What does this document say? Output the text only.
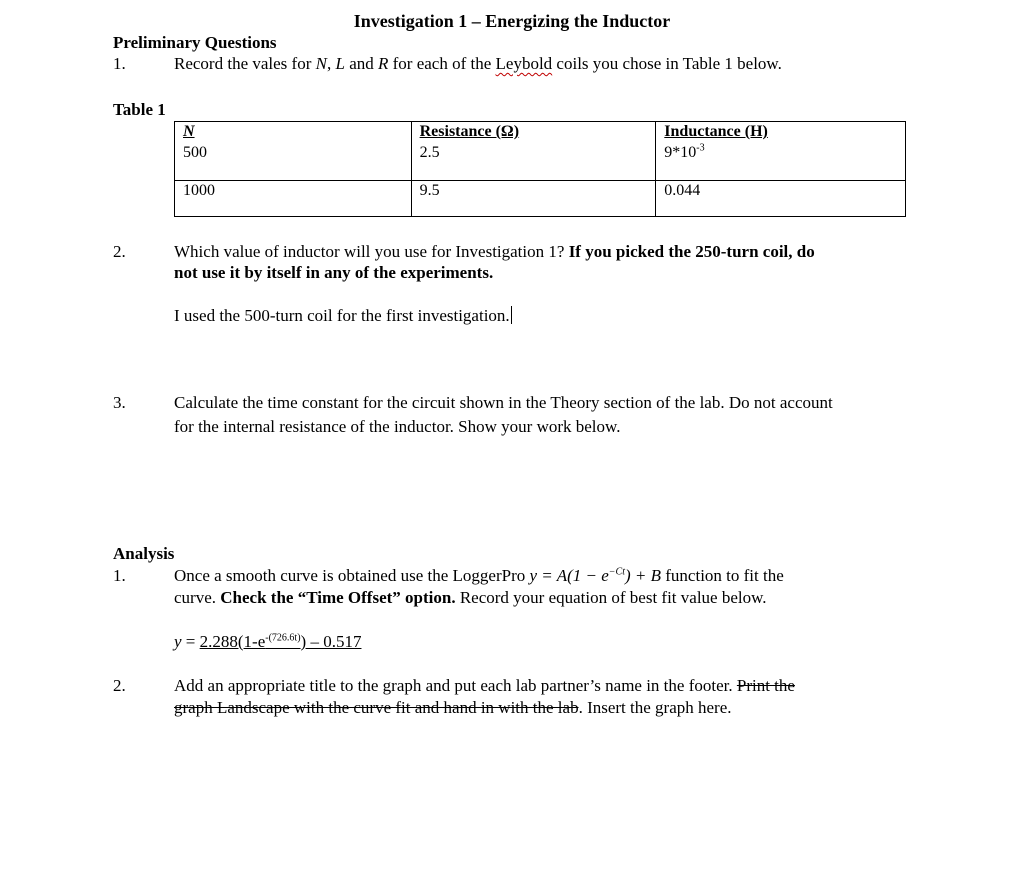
Investigation 1 – Energizing the Inductor
Preliminary Questions
1.	Record the vales for N, L and R for each of the Leybold coils you chose in Table 1 below.
Table 1
N	Resistance (Ω)	Inductance (H)
500	2.5	$9*10^{-3}$
1000	9.5	0.044
2.	Which value of inductor will you use for Investigation 1? If you picked the 250-turn coil, do
not use it by itself in any of the experiments.
I used the 500-turn coil for the first investigation.
3.	Calculate the time constant for the circuit shown in the Theory section of the lab. Do not account
for the internal resistance of the inductor. Show your work below.
Analysis
1.	Once a smooth curve is obtained use the LoggerPro $y = A(1 - e^{-Ct}) + B$ function to fit the
curve. Check the “Time Offset” option. Record your equation of best fit value below.
$y = 2.288(1-e^{-(726.6t)}) - 0.517$
2.	Add an appropriate title to the graph and put each lab partner’s name in the footer. Print the
graph Landscape with the curve fit and hand in with the lab. Insert the graph here.
